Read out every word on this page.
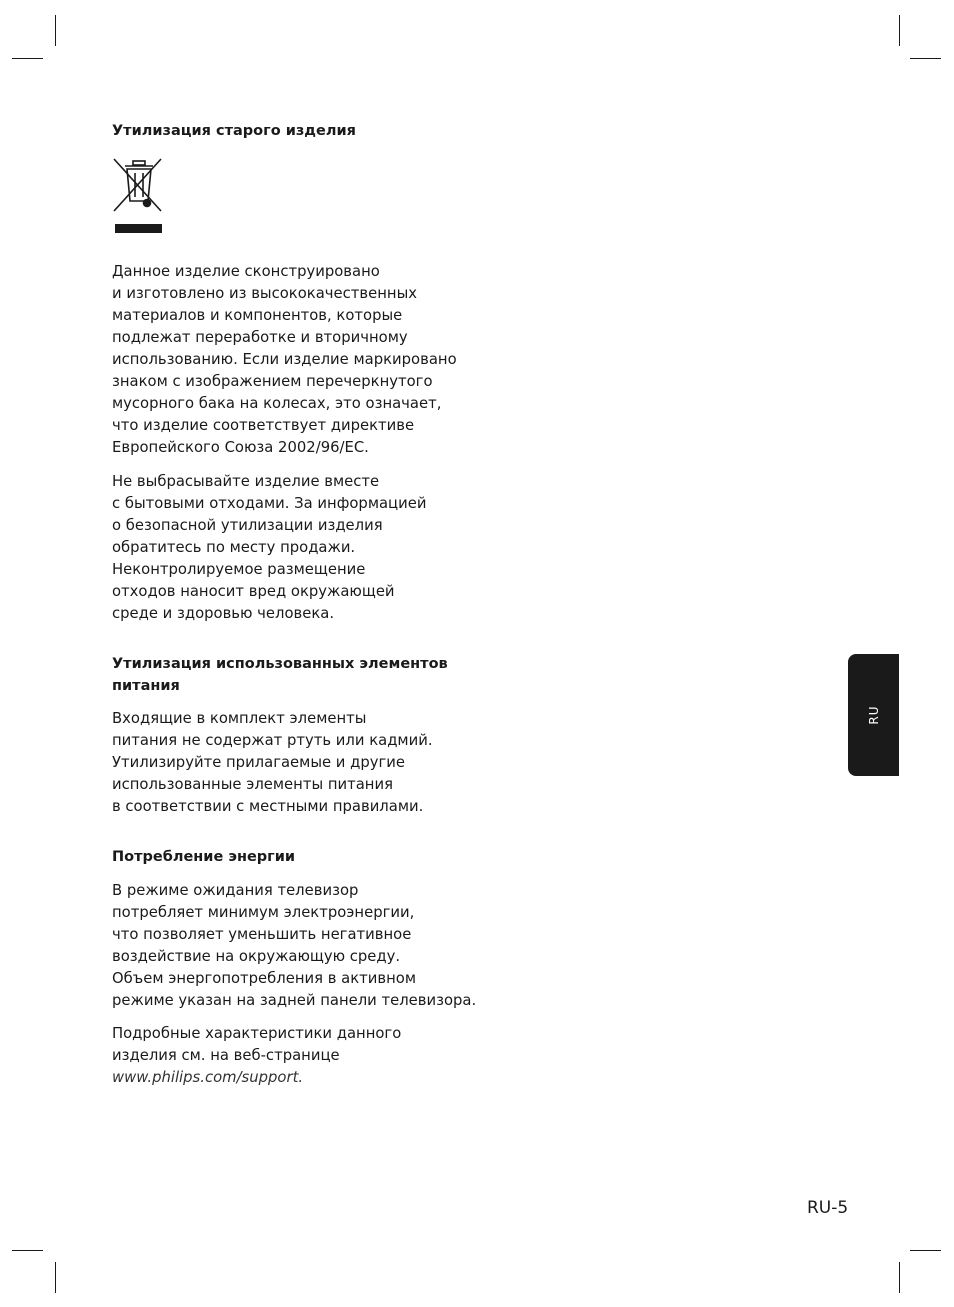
Утилизация старого изделия

Данное изделие сконструировано
и изготовлено из высококачественных
материалов и компонентов, которые
подлежат переработке и вторичному
использованию. Если изделие маркировано
знаком с изображением перечеркнутого
мусорного бака на колесах, это означает,
что изделие соответствует директиве
Европейского Союза 2002/96/EC.

Не выбрасывайте изделие вместе
с бытовыми отходами. За информацией
о безопасной утилизации изделия
обратитесь по месту продажи.
Неконтролируемое размещение
отходов наносит вред окружающей
среде и здоровью человека.

Утилизация использованных элементов
питания

Входящие в комплект элементы
питания не содержат ртуть или кадмий.
Утилизируйте прилагаемые и другие
использованные элементы питания
в соответствии с местными правилами.

Потребление энергии

В режиме ожидания телевизор
потребляет минимум электроэнергии,
что позволяет уменьшить негативное
воздействие на окружающую среду.
Объем энергопотребления в активном
режиме указан на задней панели телевизора.

Подробные характеристики данного
изделия см. на веб-странице
www.philips.com/support.

RU
RU-5
